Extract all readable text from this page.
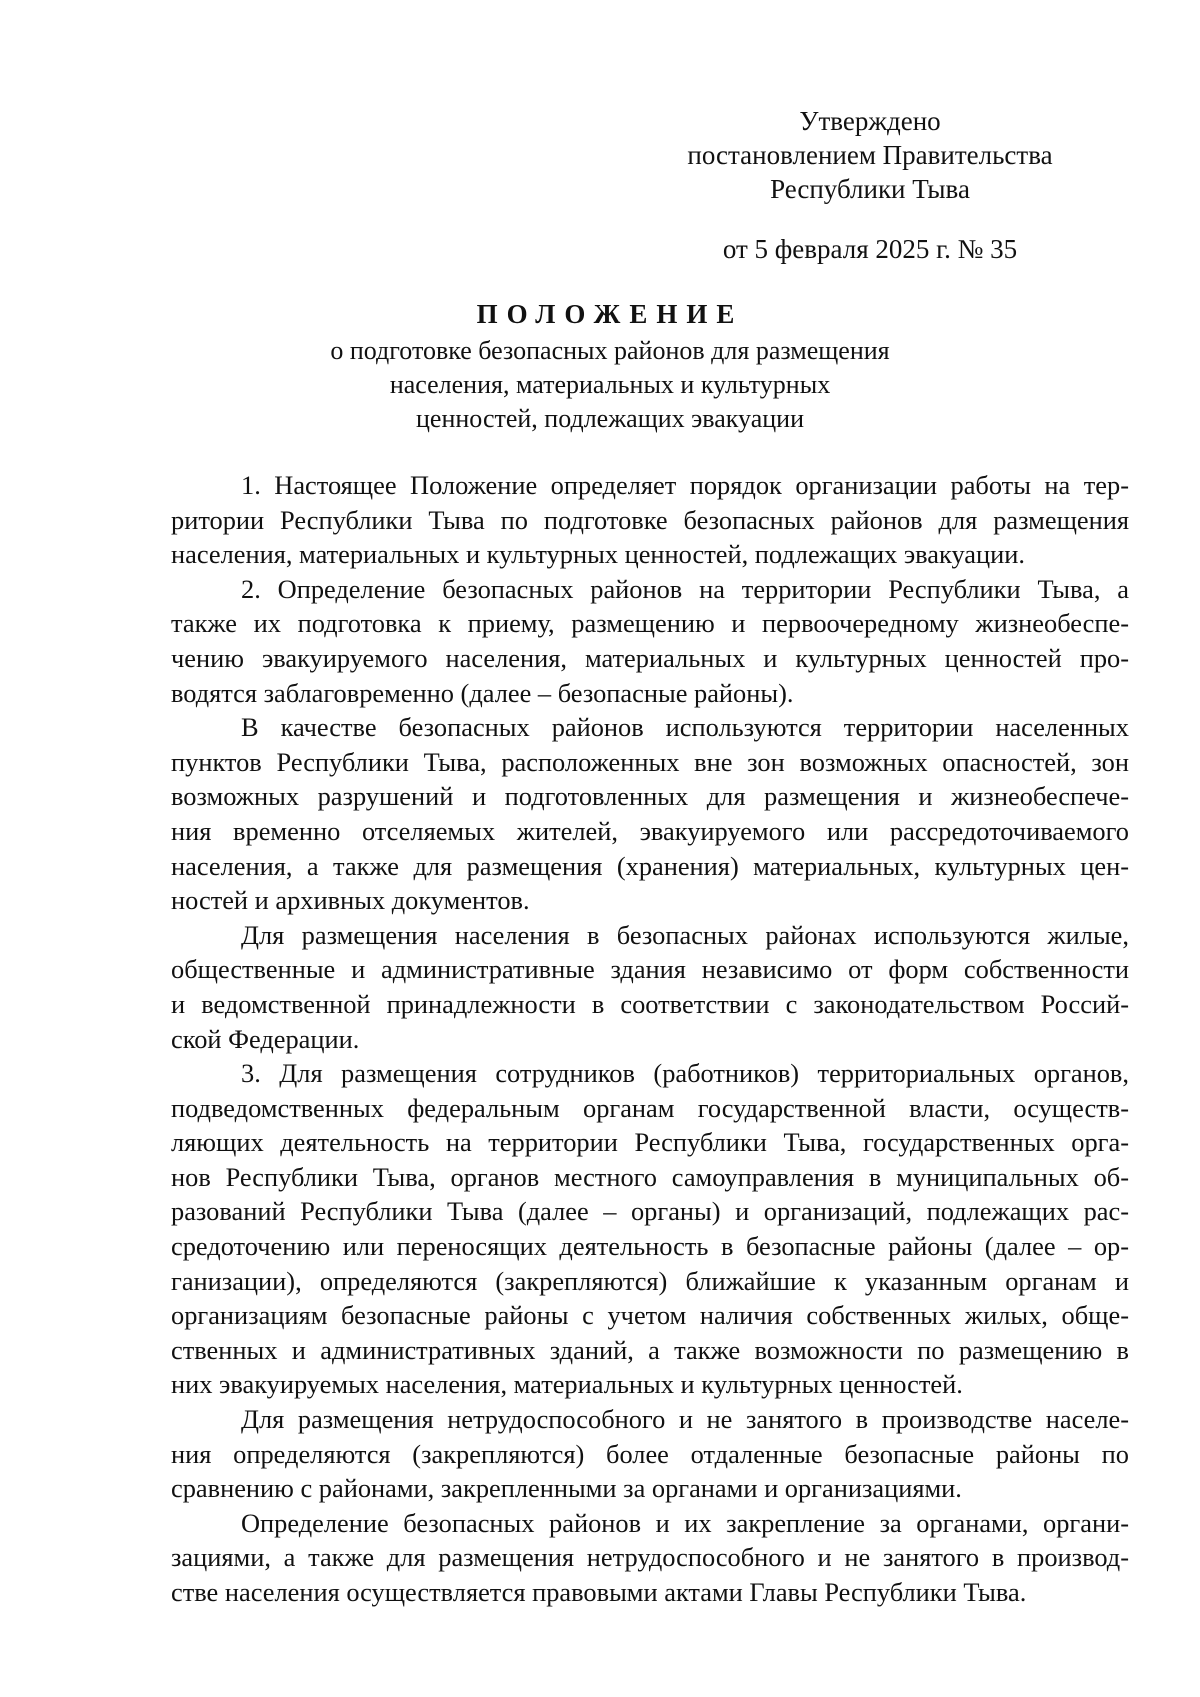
Утверждено
постановлением Правительства
Республики Тыва
от 5 февраля 2025 г. № 35
ПОЛОЖЕНИЕ
о подготовке безопасных районов для размещения
населения, материальных и культурных
ценностей, подлежащих эвакуации
1. Настоящее Положение определяет порядок организации работы на тер-
ритории Республики Тыва по подготовке безопасных районов для размещения
населения, материальных и культурных ценностей, подлежащих эвакуации.
2. Определение безопасных районов на территории Республики Тыва, а
также их подготовка к приему, размещению и первоочередному жизнеобеспе-
чению эвакуируемого населения, материальных и культурных ценностей про-
водятся заблаговременно (далее – безопасные районы).
В качестве безопасных районов используются территории населенных
пунктов Республики Тыва, расположенных вне зон возможных опасностей, зон
возможных разрушений и подготовленных для размещения и жизнеобеспече-
ния временно отселяемых жителей, эвакуируемого или рассредоточиваемого
населения, а также для размещения (хранения) материальных, культурных цен-
ностей и архивных документов.
Для размещения населения в безопасных районах используются жилые,
общественные и административные здания независимо от форм собственности
и ведомственной принадлежности в соответствии с законодательством Россий-
ской Федерации.
3. Для размещения сотрудников (работников) территориальных органов,
подведомственных федеральным органам государственной власти, осуществ-
ляющих деятельность на территории Республики Тыва, государственных орга-
нов Республики Тыва, органов местного самоуправления в муниципальных об-
разований Республики Тыва (далее – органы) и организаций, подлежащих рас-
средоточению или переносящих деятельность в безопасные районы (далее – ор-
ганизации), определяются (закрепляются) ближайшие к указанным органам и
организациям безопасные районы с учетом наличия собственных жилых, обще-
ственных и административных зданий, а также возможности по размещению в
них эвакуируемых населения, материальных и культурных ценностей.
Для размещения нетрудоспособного и не занятого в производстве населе-
ния определяются (закрепляются) более отдаленные безопасные районы по
сравнению с районами, закрепленными за органами и организациями.
Определение безопасных районов и их закрепление за органами, органи-
зациями, а также для размещения нетрудоспособного и не занятого в производ-
стве населения осуществляется правовыми актами Главы Республики Тыва.
